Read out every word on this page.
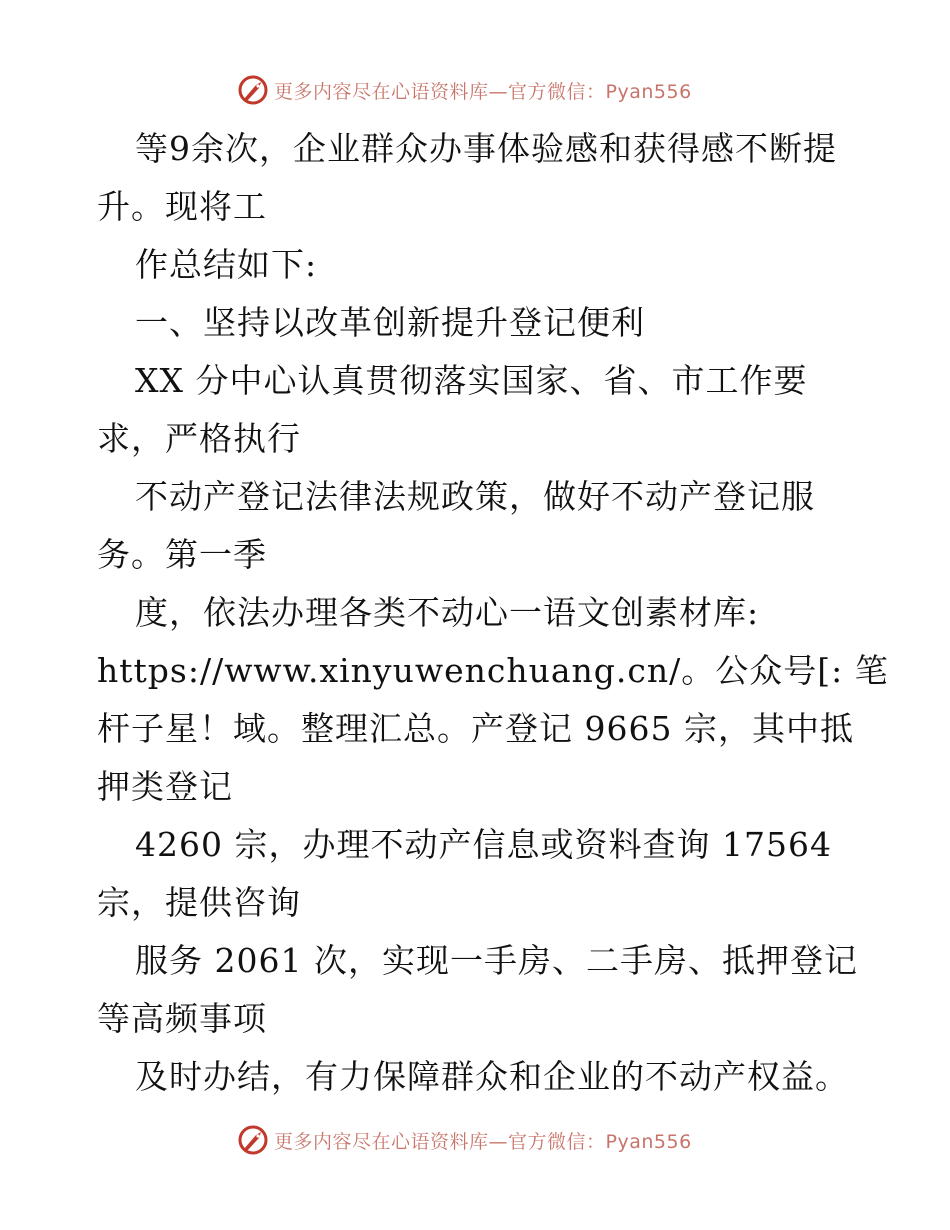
更多内容尽在心语资料库—官方微信：Pyan556
等9余次，企业群众办事体验感和获得感不断提
升。现将工
作总结如下:
一、坚持以改革创新提升登记便利
XX 分中心认真贯彻落实国家、省、市工作要
求，严格执行
不动产登记法律法规政策，做好不动产登记服
务。第一季
度，依法办理各类不动心一语文创素材库:
https://www.xinyuwenchuang.cn/。公众号[: 笔
杆子星！域。整理汇总。产登记 9665 宗，其中抵
押类登记
4260 宗，办理不动产信息或资料查询 17564
宗，提供咨询
服务 2061 次，实现一手房、二手房、抵押登记
等高频事项
及时办结，有力保障群众和企业的不动产权益。
更多内容尽在心语资料库—官方微信：Pyan556
